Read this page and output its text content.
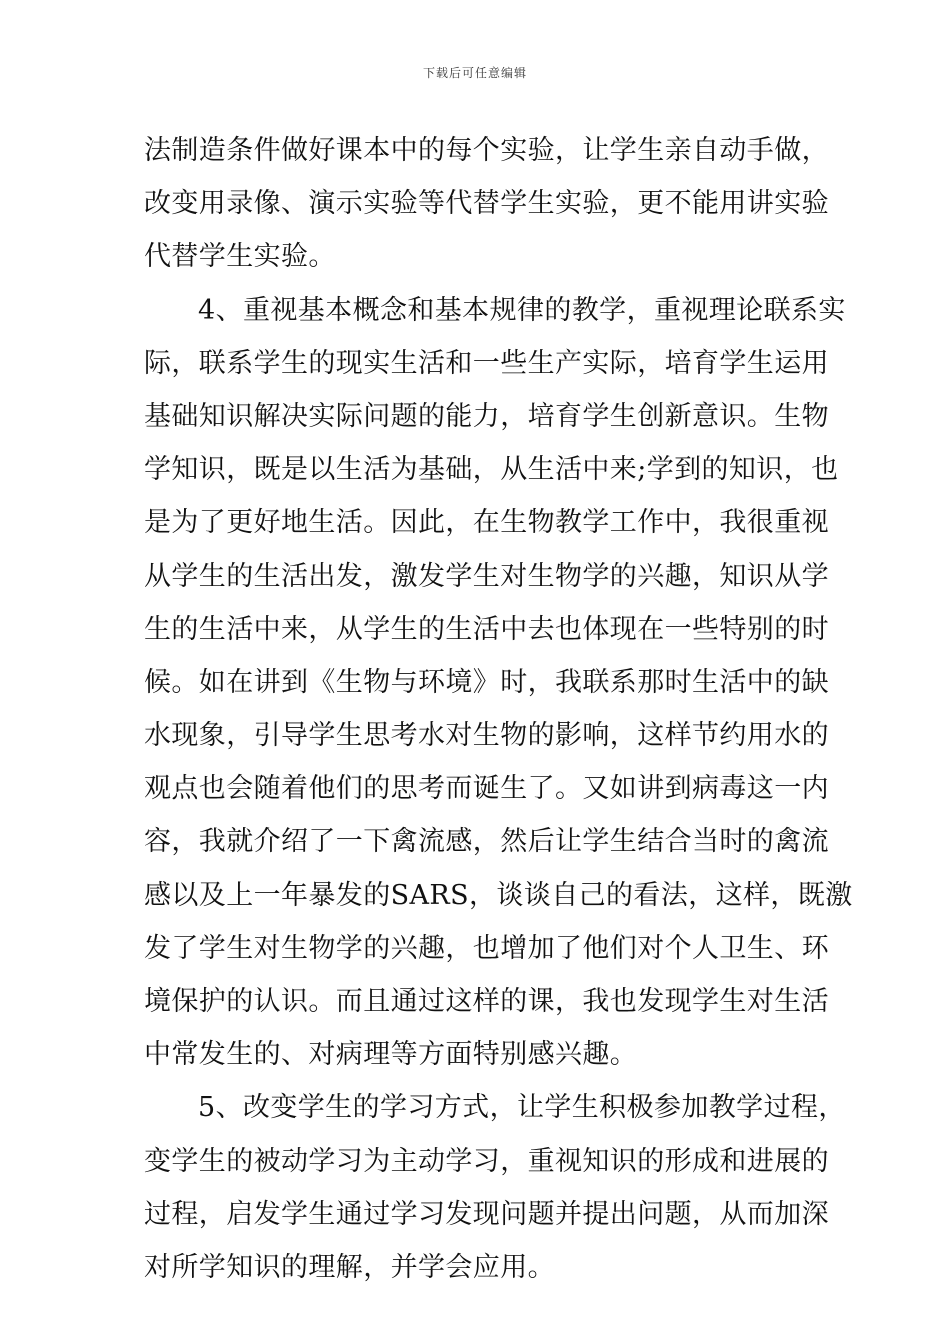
下载后可任意编辑
法制造条件做好课本中的每个实验，让学生亲自动手做，
改变用录像、演示实验等代替学生实验，更不能用讲实验
代替学生实验。
4、重视基本概念和基本规律的教学，重视理论联系实
际，联系学生的现实生活和一些生产实际，培育学生运用
基础知识解决实际问题的能力，培育学生创新意识。生物
学知识，既是以生活为基础，从生活中来;学到的知识，也
是为了更好地生活。因此，在生物教学工作中，我很重视
从学生的生活出发，激发学生对生物学的兴趣，知识从学
生的生活中来，从学生的生活中去也体现在一些特别的时
候。如在讲到《生物与环境》时，我联系那时生活中的缺
水现象，引导学生思考水对生物的影响，这样节约用水的
观点也会随着他们的思考而诞生了。又如讲到病毒这一内
容，我就介绍了一下禽流感，然后让学生结合当时的禽流
感以及上一年暴发的SARS，谈谈自己的看法，这样，既激
发了学生对生物学的兴趣，也增加了他们对个人卫生、环
境保护的认识。而且通过这样的课，我也发现学生对生活
中常发生的、对病理等方面特别感兴趣。
5、改变学生的学习方式，让学生积极参加教学过程，
变学生的被动学习为主动学习，重视知识的形成和进展的
过程，启发学生通过学习发现问题并提出问题，从而加深
对所学知识的理解，并学会应用。
